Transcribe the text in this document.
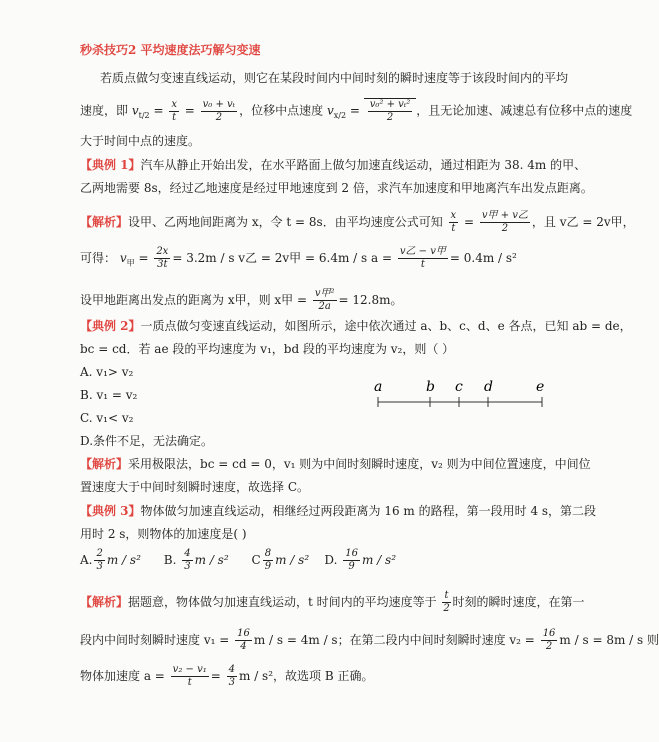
秒杀技巧2 平均速度法巧解匀变速
若质点做匀变速直线运动，则它在某段时间内中间时刻的瞬时速度等于该段时间内的平均
速度，即 $v_{t/2} = \frac{x}{t} = \frac{\text{v₀ + vₜ}}{2}$ ，位移中点速度 $v_{x/2} = \frac{\text{v₀² + vₜ²}}{2}$ ，且无论加速、减速总有位移中点的速度
大于时间中点的速度。
【典例 1】汽车从静止开始出发，在水平路面上做匀加速直线运动，通过相距为 38. 4m 的甲、
乙两地需要 8s，经过乙地速度是经过甲地速度到 2 倍，求汽车加速度和甲地离汽车出发点距离。
【解析】设甲、乙两地间距离为 x，令 t = 8s．由平均速度公式可知 $\frac{x}{t} = \frac{\text{v甲 + v乙}}{2}$ ，且 v乙 = 2v甲，
可得： $v_甲 = \frac{2x}{3t} = 3.2m / s$ v乙 = 2v甲 = 6.4m / s $a = \frac{\text{v乙 − v甲}}{t} = 0.4m / s^2$
设甲地距离出发点的距离为 x甲，则 x甲 = $\frac{\text{v甲²}}{2a} = 12.8m$。
【典例 2】一质点做匀变速直线运动，如图所示，途中依次通过 a、b、c、d、e 各点，已知 ab = de，
bc = cd．若 ae 段的平均速度为 v₁，bd 段的平均速度为 v₂，则（ ）
A. v₁> v₂
B. v₁ = v₂
C. v₁< v₂
D.条件不足，无法确定。
a	b c d	e
【解析】采用极限法，bc = cd = 0，v₁ 则为中间时刻瞬时速度，v₂ 则为中间位置速度，中间位
置速度大于中间时刻瞬时速度，故选择 C。
【典例 3】物体做匀加速直线运动，相继经过两段距离为 16 m 的路程，第一段用时 4 s，第二段
用时 2 s，则物体的加速度是( )
A. $\frac{2}{3}$ m / s² B. $\frac{4}{3}$ m / s² C $\frac{8}{9}$ m / s² D. $\frac{16}{9}$ m / s²
【解析】据题意，物体做匀加速直线运动，t 时间内的平均速度等于 $\frac{t}{2}$ 时刻的瞬时速度，在第一
段内中间时刻瞬时速度 $v_1 = \frac{16}{4}$ m / s = 4m / s；在第二段内中间时刻瞬时速度 $v_2 = \frac{16}{2}$ m / s = 8m / s 则
物体加速度 $a = \frac{\text{v₂ − v₁}}{t} = \frac{4}{3}$ m / s²，故选项 B 正确。
